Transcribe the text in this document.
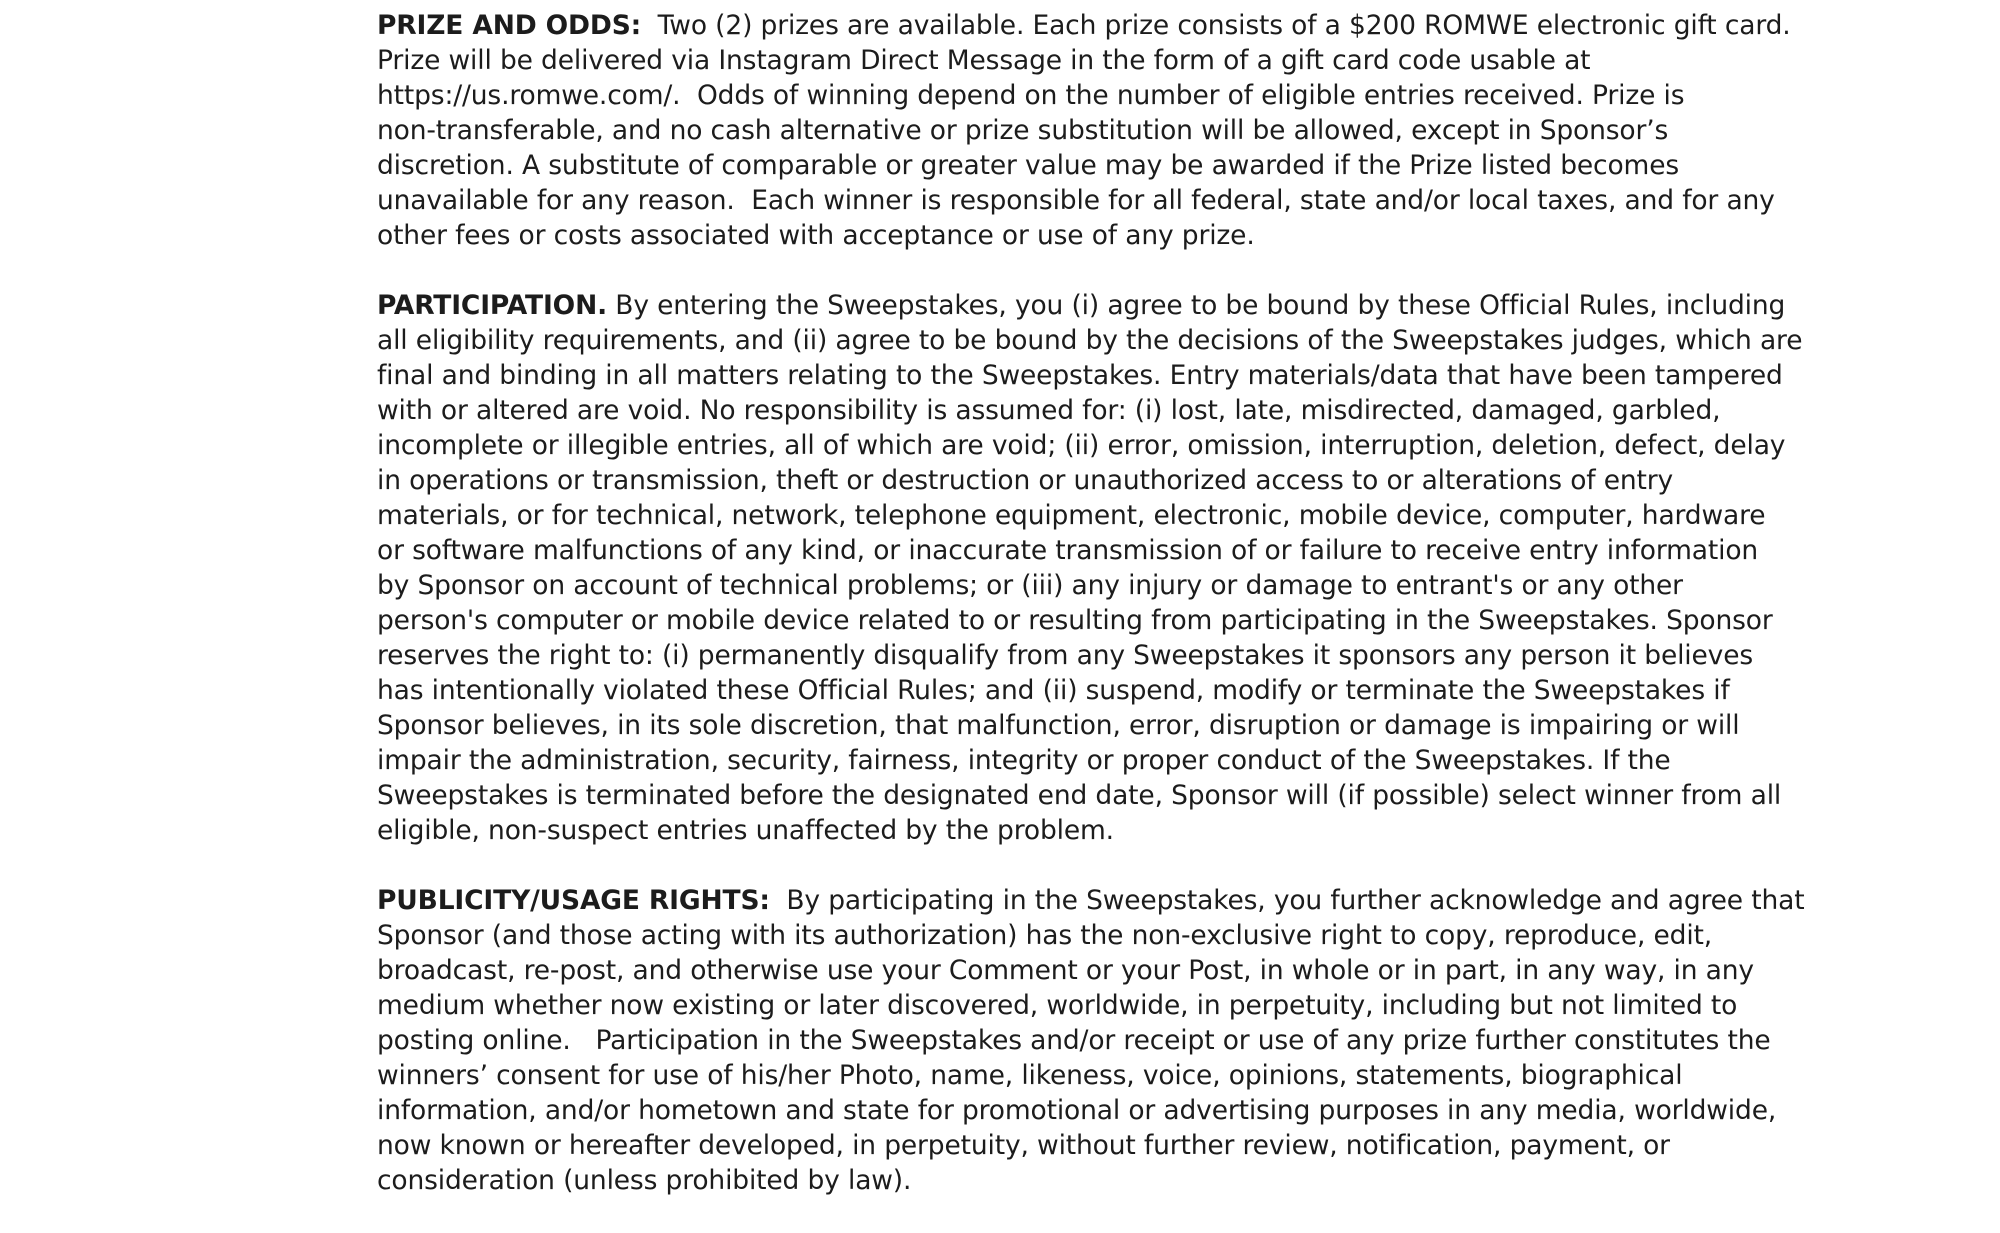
PRIZE AND ODDS:  Two (2) prizes are available. Each prize consists of a $200 ROMWE electronic gift card.
Prize will be delivered via Instagram Direct Message in the form of a gift card code usable at
https://us.romwe.com/.  Odds of winning depend on the number of eligible entries received. Prize is
non-transferable, and no cash alternative or prize substitution will be allowed, except in Sponsor’s
discretion. A substitute of comparable or greater value may be awarded if the Prize listed becomes
unavailable for any reason.  Each winner is responsible for all federal, state and/or local taxes, and for any
other fees or costs associated with acceptance or use of any prize.
PARTICIPATION. By entering the Sweepstakes, you (i) agree to be bound by these Official Rules, including
all eligibility requirements, and (ii) agree to be bound by the decisions of the Sweepstakes judges, which are
final and binding in all matters relating to the Sweepstakes. Entry materials/data that have been tampered
with or altered are void. No responsibility is assumed for: (i) lost, late, misdirected, damaged, garbled,
incomplete or illegible entries, all of which are void; (ii) error, omission, interruption, deletion, defect, delay
in operations or transmission, theft or destruction or unauthorized access to or alterations of entry
materials, or for technical, network, telephone equipment, electronic, mobile device, computer, hardware
or software malfunctions of any kind, or inaccurate transmission of or failure to receive entry information
by Sponsor on account of technical problems; or (iii) any injury or damage to entrant's or any other
person's computer or mobile device related to or resulting from participating in the Sweepstakes. Sponsor
reserves the right to: (i) permanently disqualify from any Sweepstakes it sponsors any person it believes
has intentionally violated these Official Rules; and (ii) suspend, modify or terminate the Sweepstakes if
Sponsor believes, in its sole discretion, that malfunction, error, disruption or damage is impairing or will
impair the administration, security, fairness, integrity or proper conduct of the Sweepstakes. If the
Sweepstakes is terminated before the designated end date, Sponsor will (if possible) select winner from all
eligible, non-suspect entries unaffected by the problem.
PUBLICITY/USAGE RIGHTS:  By participating in the Sweepstakes, you further acknowledge and agree that
Sponsor (and those acting with its authorization) has the non-exclusive right to copy, reproduce, edit,
broadcast, re-post, and otherwise use your Comment or your Post, in whole or in part, in any way, in any
medium whether now existing or later discovered, worldwide, in perpetuity, including but not limited to
posting online.   Participation in the Sweepstakes and/or receipt or use of any prize further constitutes the
winners’ consent for use of his/her Photo, name, likeness, voice, opinions, statements, biographical
information, and/or hometown and state for promotional or advertising purposes in any media, worldwide,
now known or hereafter developed, in perpetuity, without further review, notification, payment, or
consideration (unless prohibited by law).
